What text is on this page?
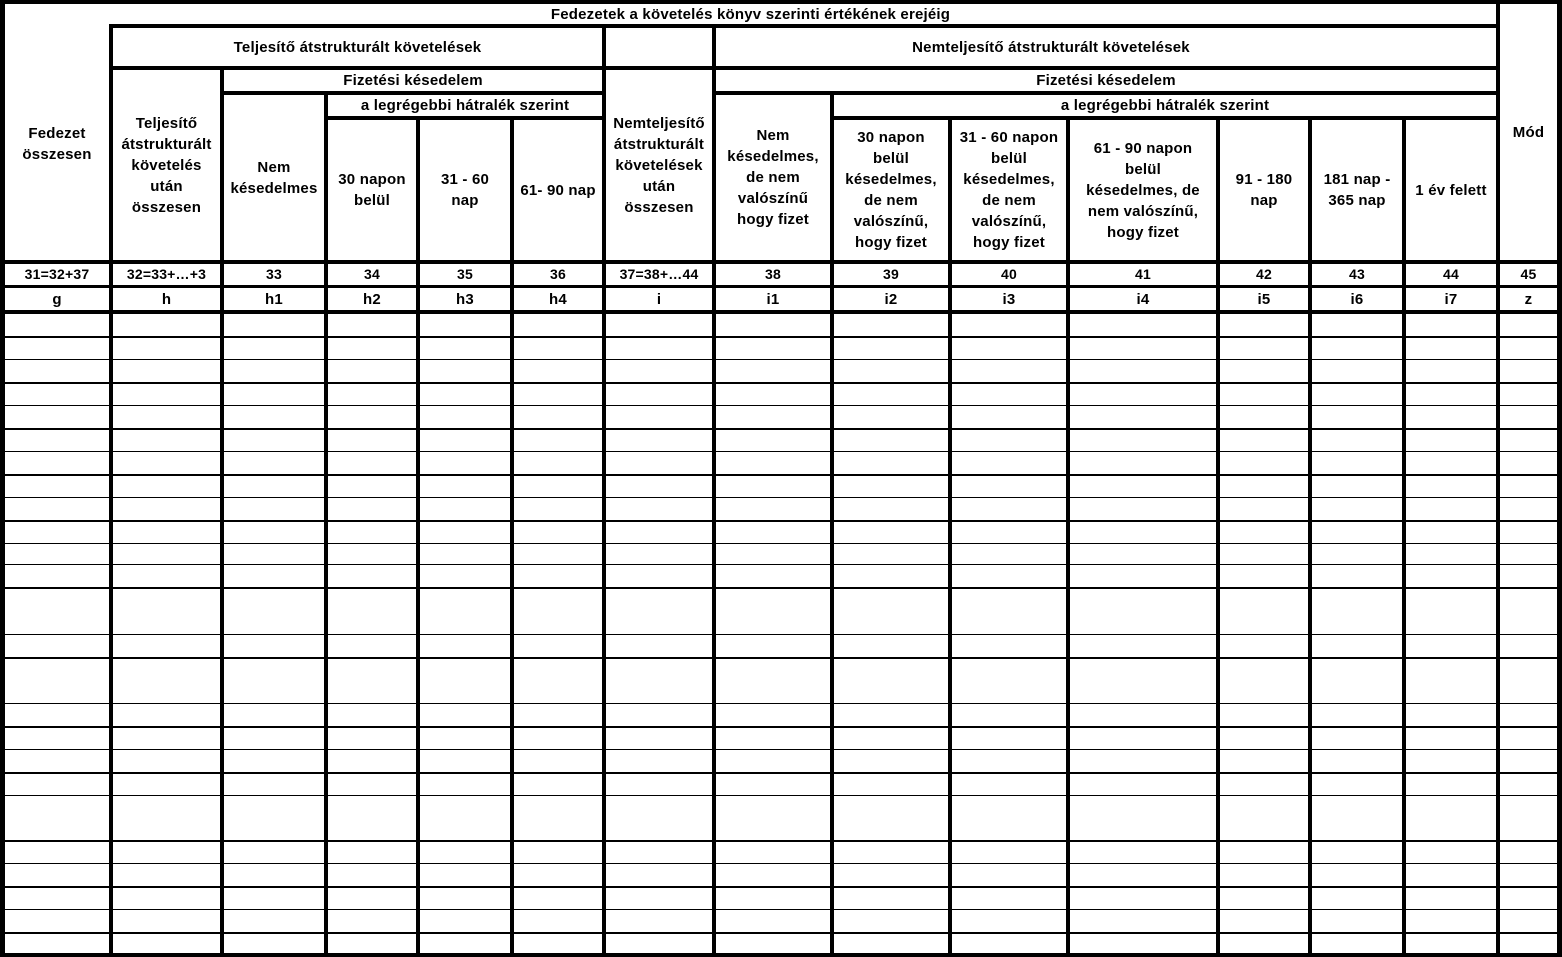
Fedezetek a követelés könyv szerinti értékének erejéig
Fedezet
összesen
Teljesítő átstrukturált követelések	Nemteljesítő átstrukturált követelések
Mód
Teljesítő
átstrukturált
követelés
után
összesen
Fizetési késedelem
Nem
késedelmes
a legrégebbi hátralék szerint
30 napon
belül
31 - 60
nap
61- 90 nap
Nemteljesítő
átstrukturált
követelések
után
összesen
Fizetési késedelem
Nem
késedelmes,
de nem
valószínű
hogy fizet
a legrégebbi hátralék szerint
30 napon
belül
késedelmes,
de nem
valószínű,
hogy fizet
31 - 60 napon
belül
késedelmes,
de nem
valószínű,
hogy fizet
61 - 90 napon
belül
késedelmes, de
nem valószínű,
hogy fizet
91 - 180
nap
181 nap -
365 nap
1 év felett
31=32+37
g
32=33+…+3
h
33
h1
34
h2
35
h3
36
h4
37=38+…44
i
38
i1
39
i2
40
i3
41
i4
42
i5
43
i6
44
i7
45
z
